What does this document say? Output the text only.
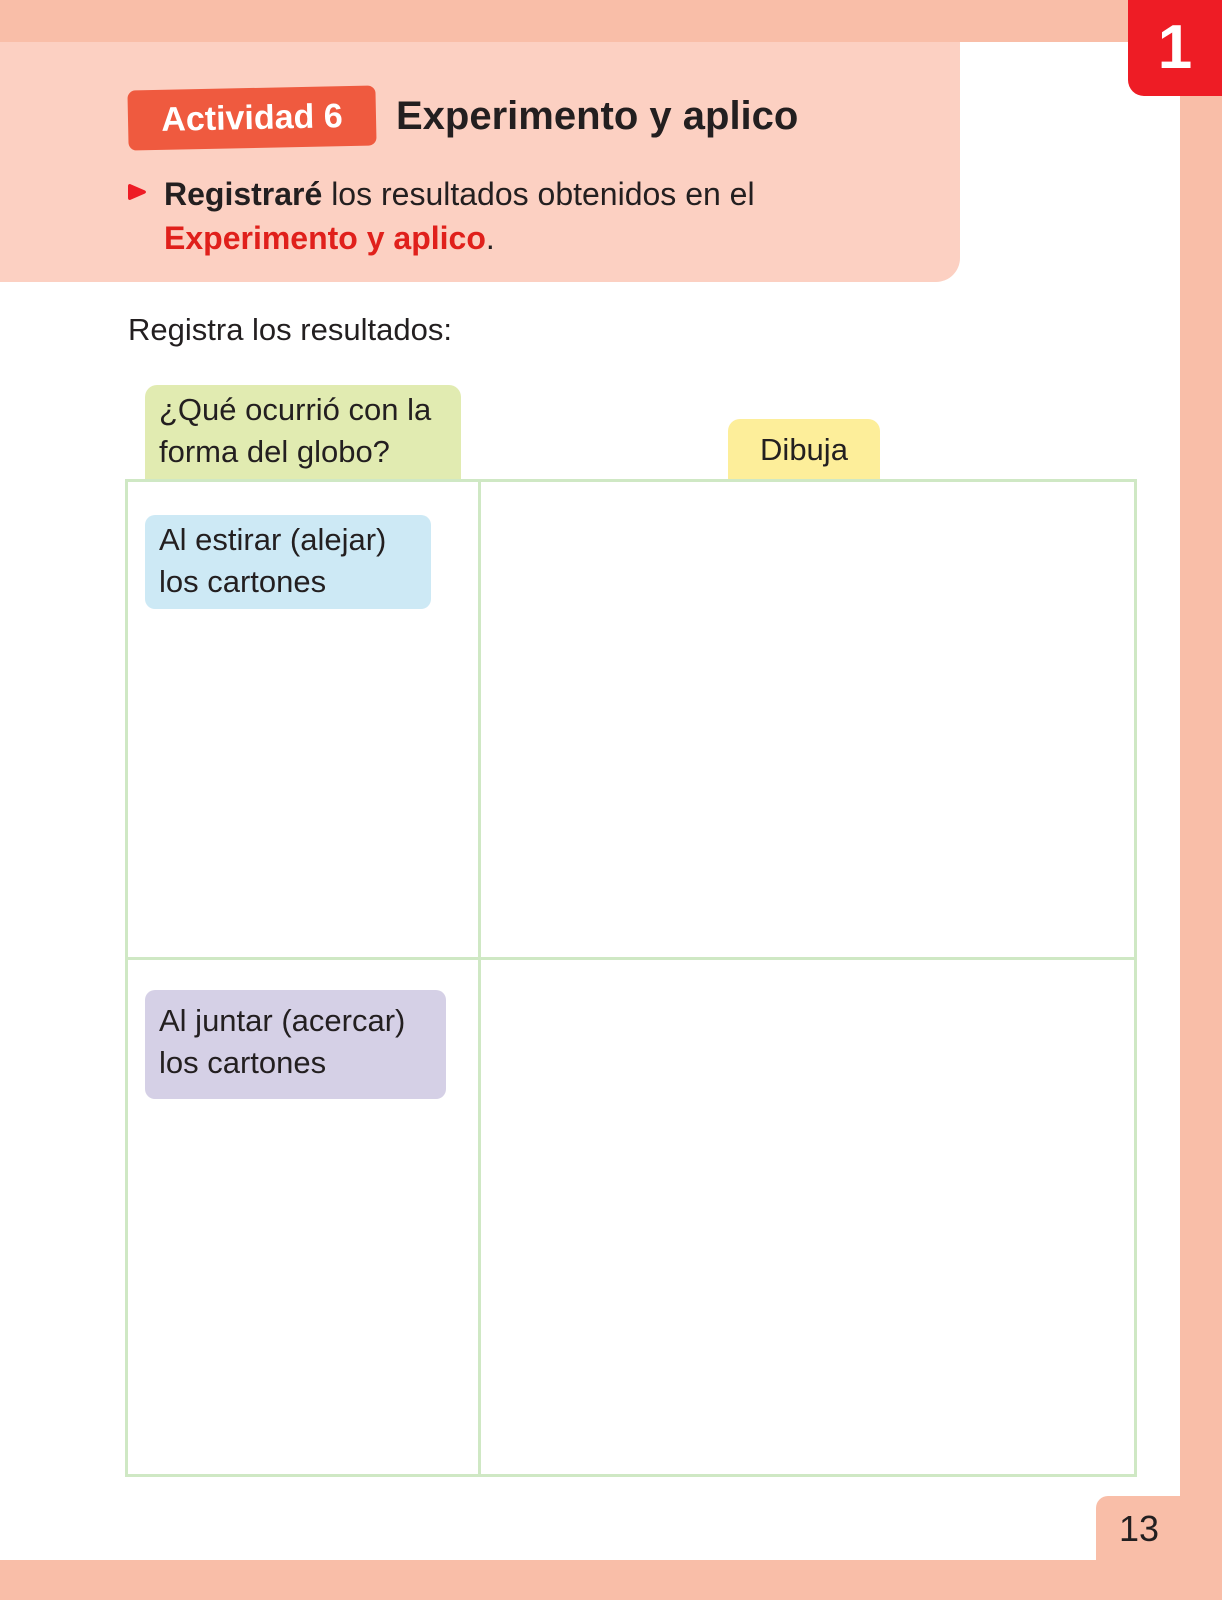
1
Actividad 6 Experimento y aplico
Registraré los resultados obtenidos en el Experimento y aplico.
Registra los resultados:
¿Qué ocurrió con la forma del globo?	Dibuja
Al estirar (alejar) los cartones
Al juntar (acercar) los cartones
13
